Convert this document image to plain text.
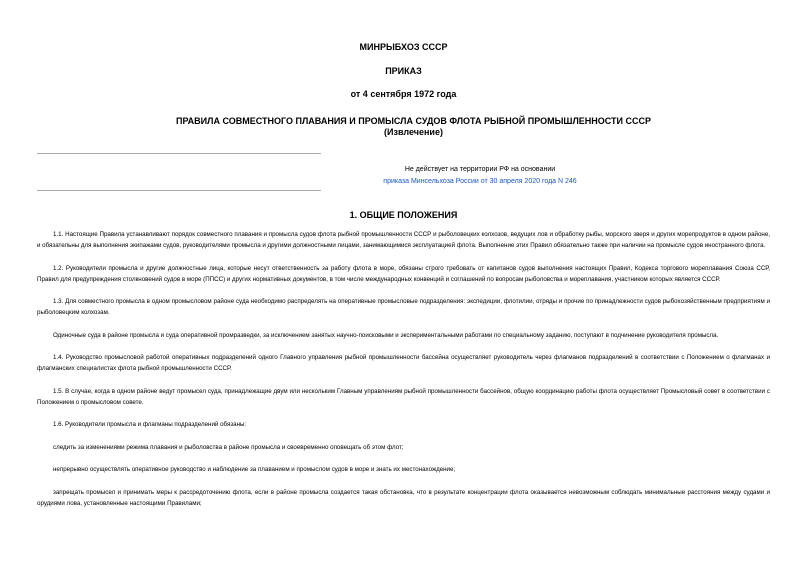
МИНРЫБХОЗ СССР
ПРИКАЗ
от 4 сентября 1972 года
ПРАВИЛА СОВМЕСТНОГО ПЛАВАНИЯ И ПРОМЫСЛА СУДОВ ФЛОТА РЫБНОЙ ПРОМЫШЛЕННОСТИ СССР
(Извлечение)
Не действует на территории РФ на основании
приказа Минсельхоза России от 30 апреля 2020 года N 246
1. ОБЩИЕ ПОЛОЖЕНИЯ

1.1. Настоящие Правила устанавливают порядок совместного плавания и промысла судов флота рыбной промышленности СССР и рыболовецких колхозов, ведущих лов и обработку рыбы, морского зверя и других морепродуктов в одном районе, и обязательны для выполнения экипажами судов, руководителями промысла и другими должностными лицами, занимающимися эксплуатацией флота. Выполнение этих Правил обязательно также при наличии на промысле судов иностранного флота.

1.2. Руководители промысла и другие должностные лица, которые несут ответственность за работу флота в море, обязаны строго требовать от капитанов судов выполнения настоящих Правил, Кодекса торгового мореплавания Союза ССР, Правил для предупреждения столкновений судов в море (ППСС) и других нормативных документов, в том числе международных конвенций и соглашений по вопросам рыболовства и мореплавания, участником которых является СССР.

1.3. Для совместного промысла в одном промысловом районе суда необходимо распределять на оперативные промысловые подразделения: экспедиции, флотилии, отряды и прочие по принадлежности судов рыбохозяйственным предприятиям и рыболовецким колхозам.

Одиночные суда в районе промысла и суда оперативной промразведки, за исключением занятых научно-поисковыми и экспериментальными работами по специальному заданию, поступают в подчинение руководителя промысла.

1.4. Руководство промысловой работой оперативных подразделений одного Главного управления рыбной промышленности бассейна осуществляет руководитель через флагманов подразделений в соответствии с Положением о флагманах и флагманских специалистах флота рыбной промышленности СССР.

1.5. В случае, когда в одном районе ведут промысел суда, принадлежащие двум или нескольким Главным управлениям рыбной промышленности бассейнов, общую координацию работы флота осуществляет Промысловый совет в соответствии с Положением о промысловом совете.

1.6. Руководители промысла и флагманы подразделений обязаны:

следить за изменениями режима плавания и рыболовства в районе промысла и своевременно оповещать об этом флот;

непрерывно осуществлять оперативное руководство и наблюдение за плаванием и промыслом судов в море и знать их местонахождение;

запрещать промысел и принимать меры к рассредоточению флота, если в районе промысла создается такая обстановка, что в результате концентрации флота оказывается невозможным соблюдать минимальные расстояния между судами и орудиями лова, установленные настоящими Правилами;
